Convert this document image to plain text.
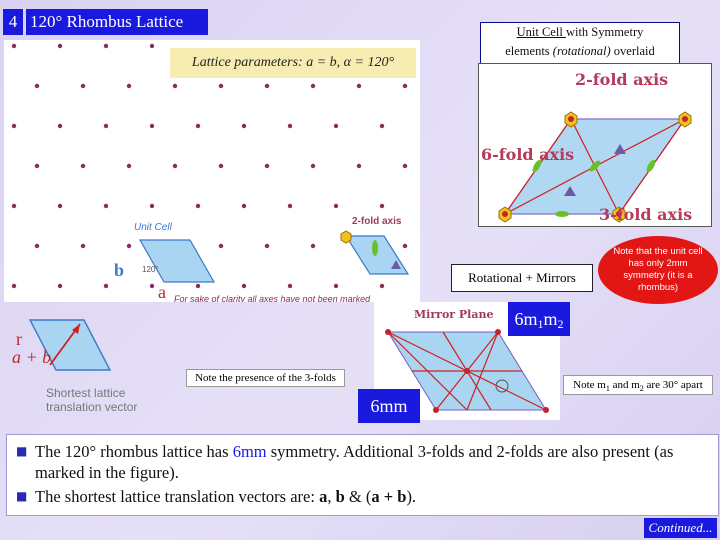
4 120° Rhombus Lattice
Unit Cell
b
a
120°
2-fold axis
For sake of clarity all axes have not been marked
Lattice parameters: a = b, α = 120°
Unit Cell with Symmetry
elements (rotational) overlaid
2-fold axis
6-fold axis
3-fold axis
Rotational + Mirrors
Note that the unit cell has only 2mm symmetry (it is a rhombus)
Mirror Plane	$6m_1m_2$
Note the presence of the 3-folds
Note $m_1$ and $m_2$ are 30° apart
6mm
r
a + b
Shortest lattice
translation vector
■ The 120° rhombus lattice has 6mm symmetry. Additional 3-folds and 2-folds are also present (as marked in the figure).
■ The shortest lattice translation vectors are: a, b & (a + b).
Continued...
